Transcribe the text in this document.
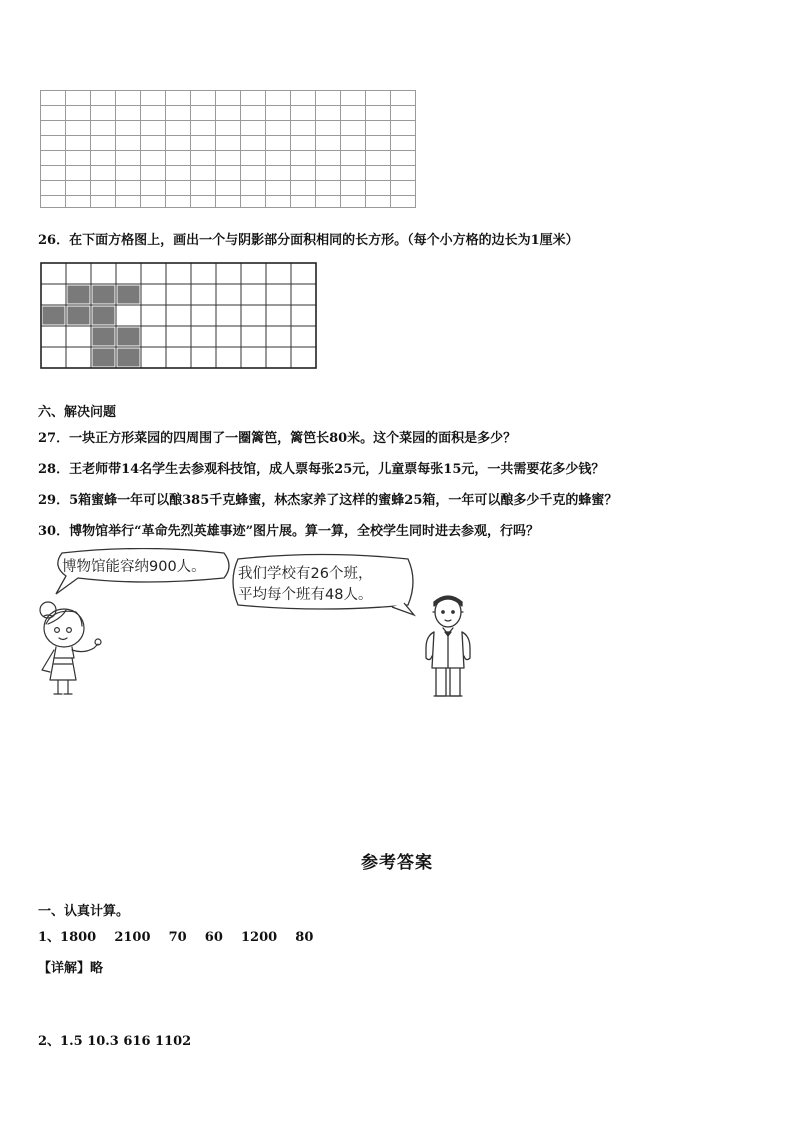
26．在下面方格图上，画出一个与阴影部分面积相同的长方形。（每个小方格的边长为1厘米）
六、解决问题
27．一块正方形菜园的四周围了一圈篱笆，篱笆长80米。这个菜园的面积是多少？
28．王老师带14名学生去参观科技馆，成人票每张25元，儿童票每张15元，一共需要花多少钱？
29．5箱蜜蜂一年可以酿385千克蜂蜜，林杰家养了这样的蜜蜂25箱，一年可以酿多少千克的蜂蜜？
30．博物馆举行“革命先烈英雄事迹”图片展。算一算，全校学生同时进去参观，行吗？
博物馆能容纳900人。 我们学校有26个班，
平均每个班有48人。
参考答案
一、认真计算。
1、1800    2100    70    60    1200    80
【详解】略
2、1.5 10.3 616 1102
